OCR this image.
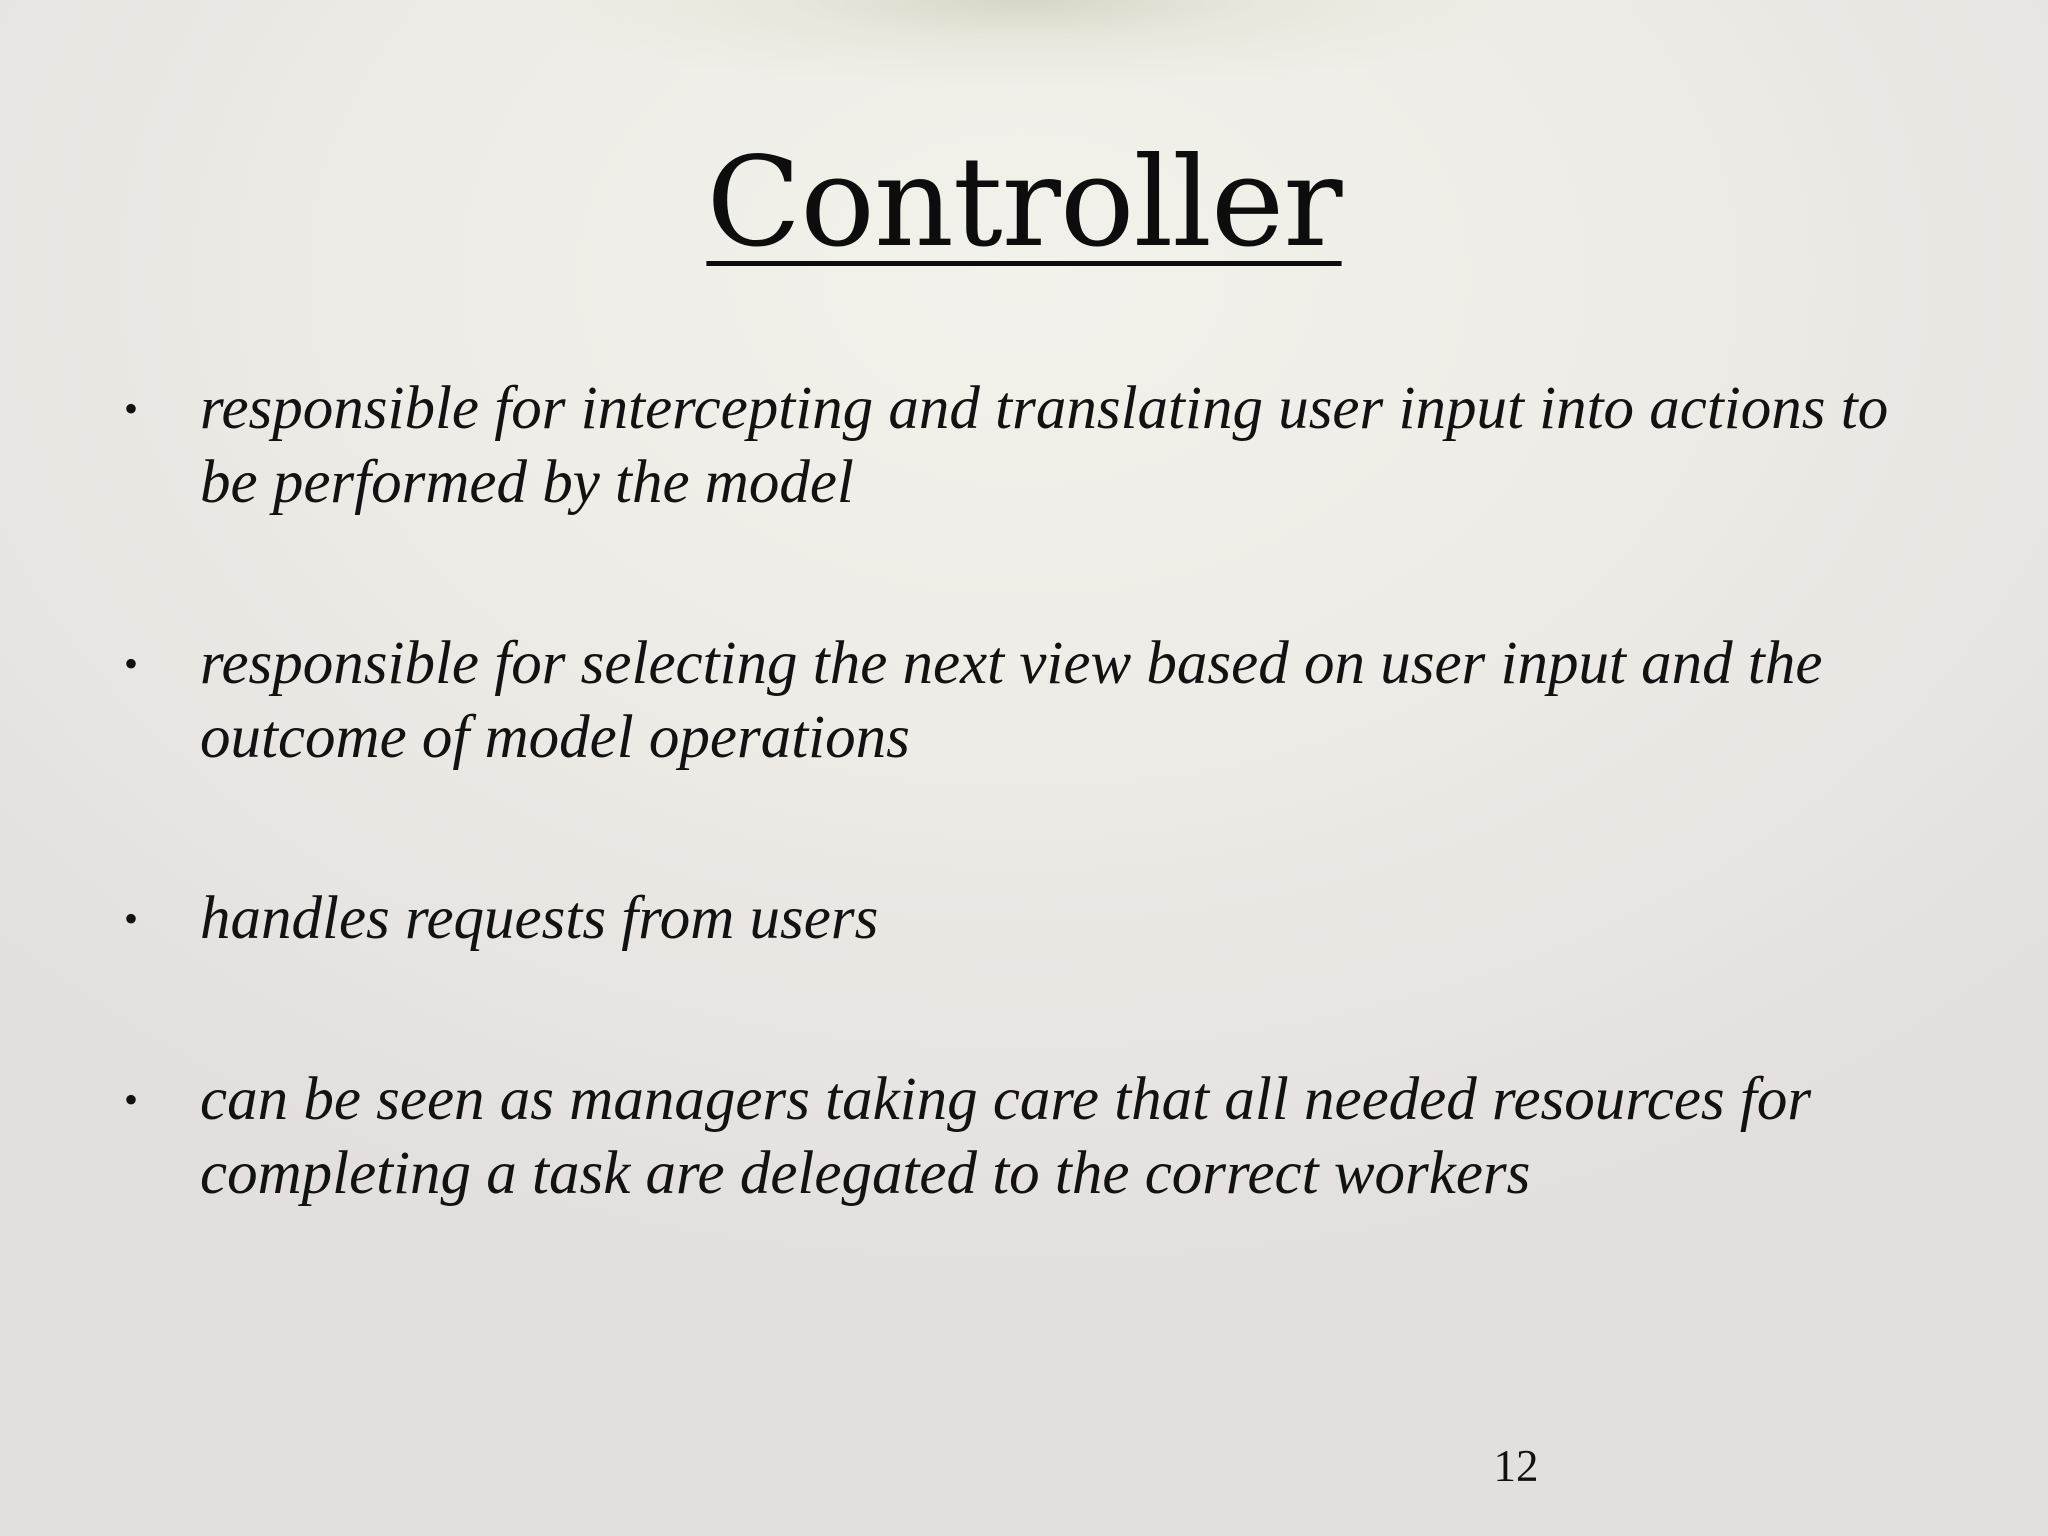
Controller
•	responsible for intercepting and translating user input into actions to be performed by the model
•	responsible for selecting the next view based on user input and the outcome of model operations
•	handles requests from users
•	can be seen as managers taking care that all needed resources for completing a task are delegated to the correct workers
12
